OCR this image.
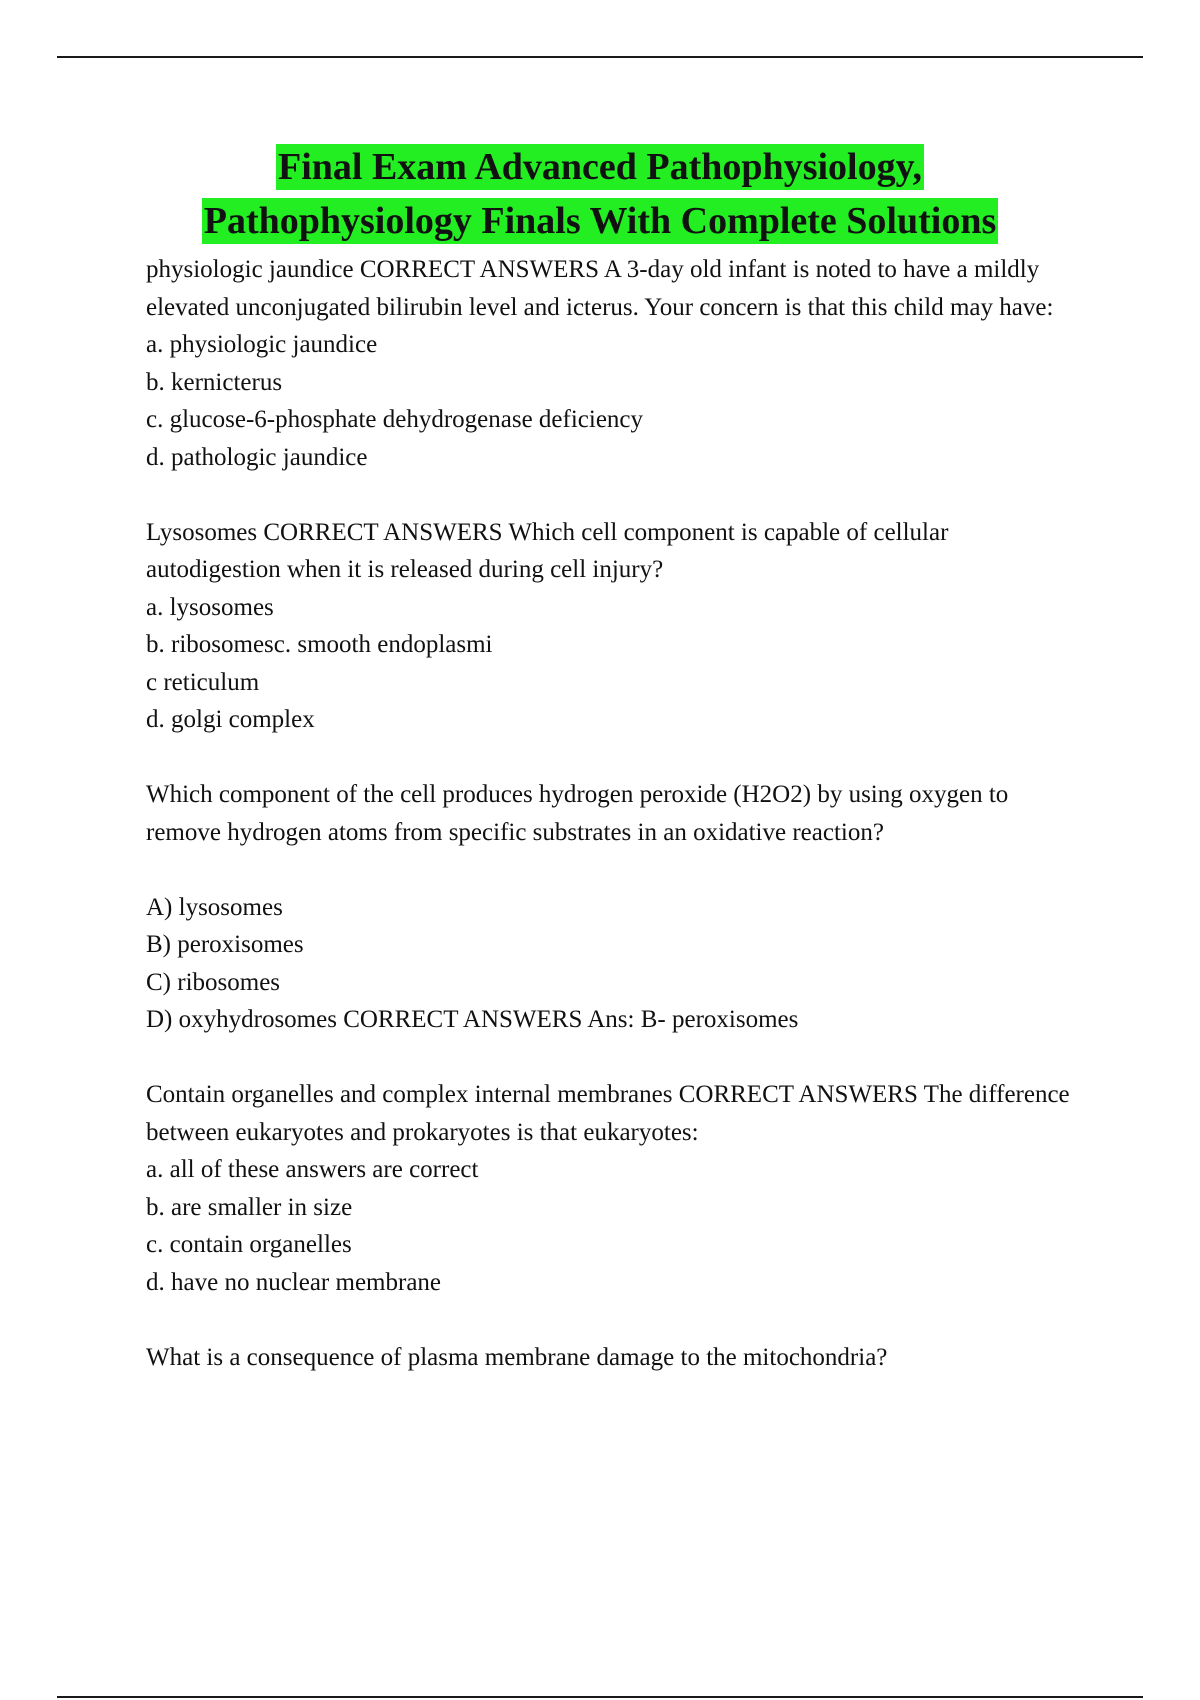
Final Exam Advanced Pathophysiology,
Pathophysiology Finals With Complete Solutions

physiologic jaundice CORRECT ANSWERS A 3-day old infant is noted to have a mildly elevated unconjugated bilirubin level and icterus. Your concern is that this child may have:

a. physiologic jaundice

b. kernicterus

c. glucose-6-phosphate dehydrogenase deficiency

d. pathologic jaundice

Lysosomes CORRECT ANSWERS Which cell component is capable of cellular autodigestion when it is released during cell injury?

a. lysosomes

b. ribosomesc. smooth endoplasmi

c reticulum

d. golgi complex

Which component of the cell produces hydrogen peroxide (H2O2) by using oxygen to remove hydrogen atoms from specific substrates in an oxidative reaction?

A) lysosomes

B) peroxisomes

C) ribosomes

D) oxyhydrosomes CORRECT ANSWERS Ans: B- peroxisomes

Contain organelles and complex internal membranes CORRECT ANSWERS The difference between eukaryotes and prokaryotes is that eukaryotes:

a. all of these answers are correct

b. are smaller in size

c. contain organelles

d. have no nuclear membrane

What is a consequence of plasma membrane damage to the mitochondria?
